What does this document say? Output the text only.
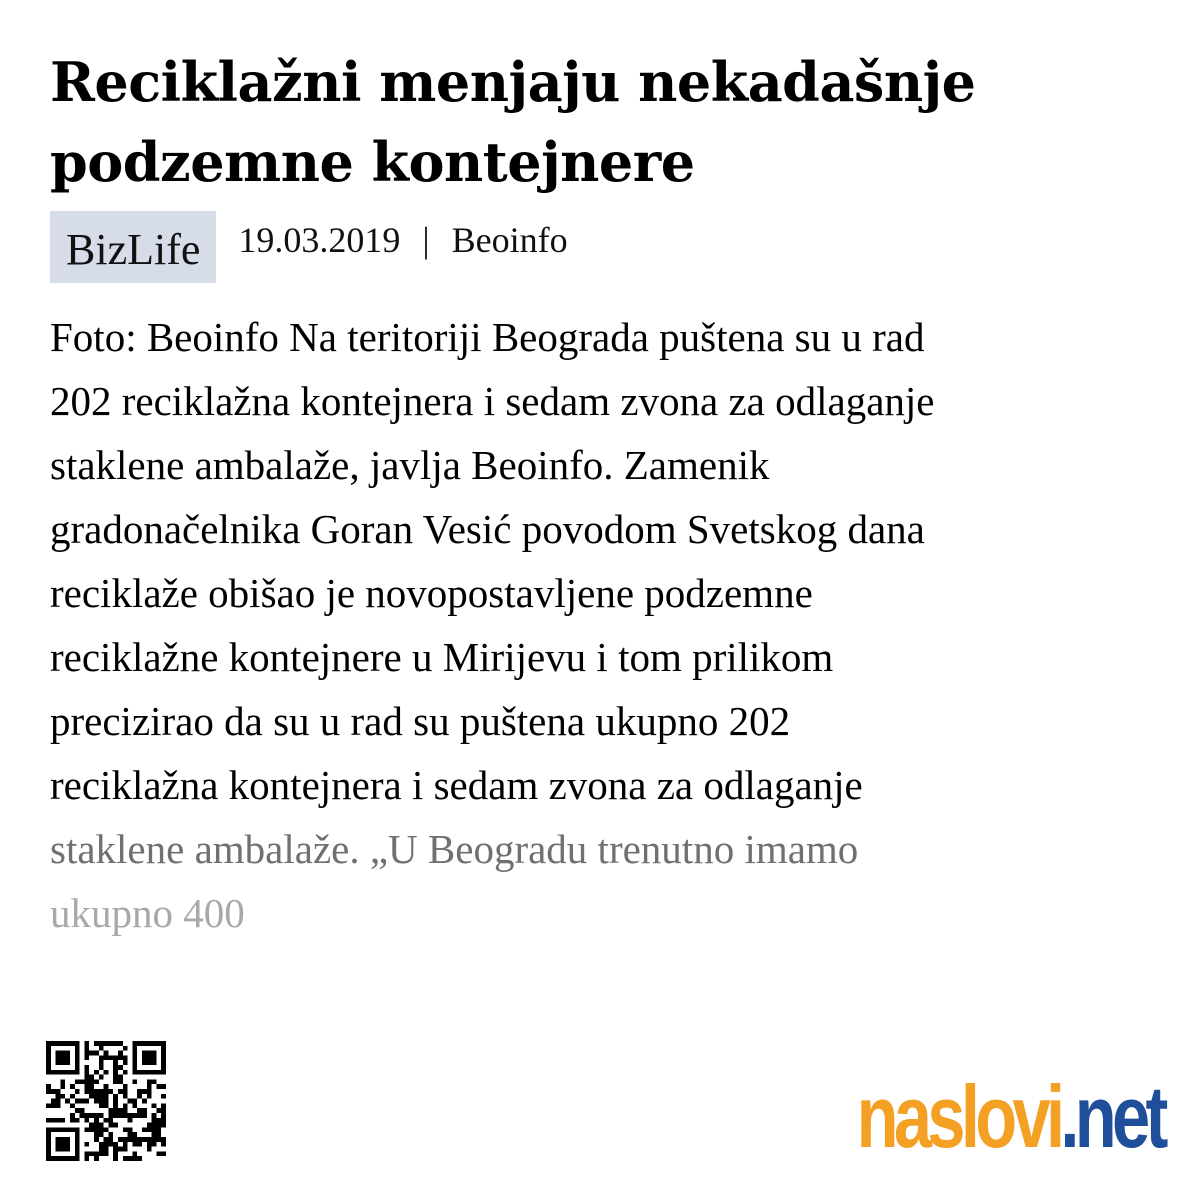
Reciklažni menjaju nekadašnje podzemne kontejnere
BizLife	19.03.2019 | Beoinfo
Foto: Beoinfo Na teritoriji Beograda puštena su u rad
202 reciklažna kontejnera i sedam zvona za odlaganje
staklene ambalaže, javlja Beoinfo. Zamenik
gradonačelnika Goran Vesić povodom Svetskog dana
reciklaže obišao je novopostavljene podzemne
reciklažne kontejnere u Mirijevu i tom prilikom
precizirao da su u rad su puštena ukupno 202
reciklažna kontejnera i sedam zvona za odlaganje
staklene ambalaže. „U Beogradu trenutno imamo
ukupno 400
naslovi.net
